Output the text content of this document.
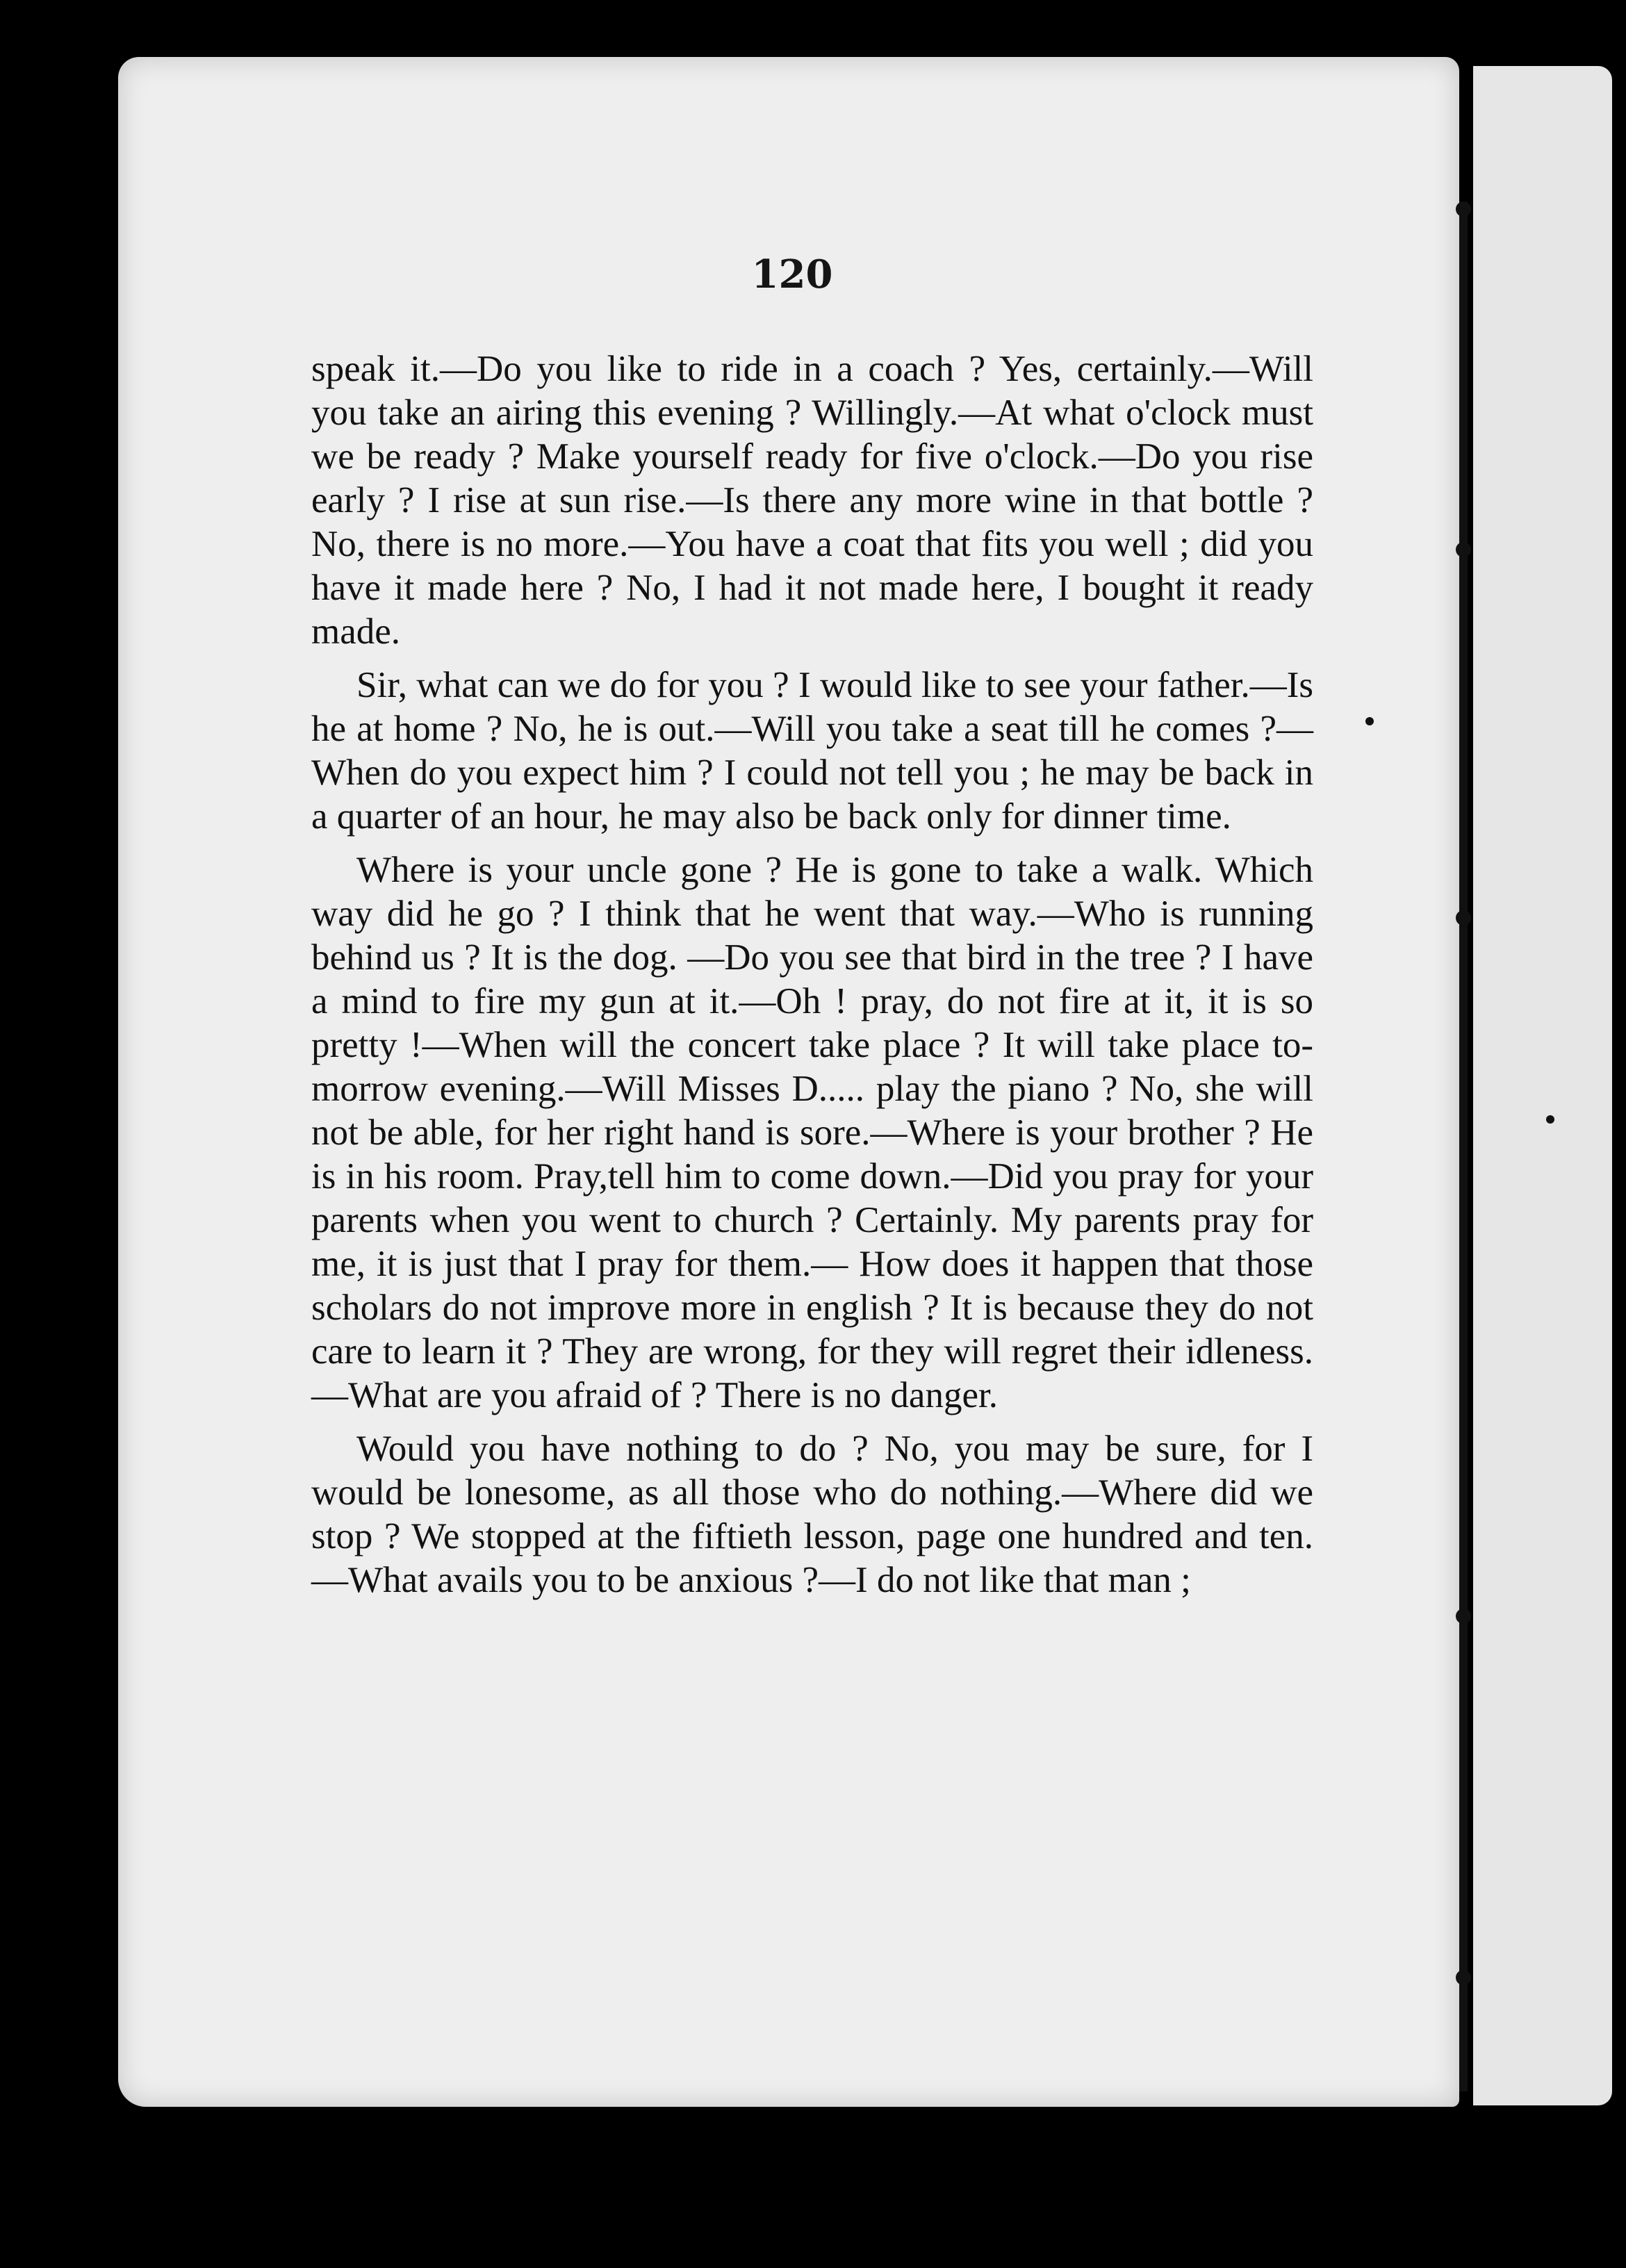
120

speak it.—Do you like to ride in a coach ? Yes, certainly.—Will you take an airing this evening ? Willingly.—At what o'clock must we be ready ? Make yourself ready for five o'clock.—Do you rise early ? I rise at sun rise.—Is there any more wine in that bottle ? No, there is no more.—You have a coat that fits you well ; did you have it made here ? No, I had it not made here, I bought it ready made.

Sir, what can we do for you ? I would like to see your father.—Is he at home ? No, he is out.—Will you take a seat till he comes ?—When do you expect him ? I could not tell you ; he may be back in a quarter of an hour, he may also be back only for dinner time.

Where is your uncle gone ? He is gone to take a walk. Which way did he go ? I think that he went that way.—Who is running behind us ? It is the dog. —Do you see that bird in the tree ? I have a mind to fire my gun at it.—Oh ! pray, do not fire at it, it is so pretty !—When will the concert take place ? It will take place to-morrow evening.—Will Misses D..... play the piano ? No, she will not be able, for her right hand is sore.—Where is your brother ? He is in his room. Pray,tell him to come down.—Did you pray for your parents when you went to church ? Certainly. My parents pray for me, it is just that I pray for them.— How does it happen that those scholars do not improve more in english ? It is because they do not care to learn it ? They are wrong, for they will regret their idleness.—What are you afraid of ? There is no danger.

Would you have nothing to do ? No, you may be sure, for I would be lonesome, as all those who do nothing.—Where did we stop ? We stopped at the fiftieth lesson, page one hundred and ten.—What avails you to be anxious ?—I do not like that man ;
